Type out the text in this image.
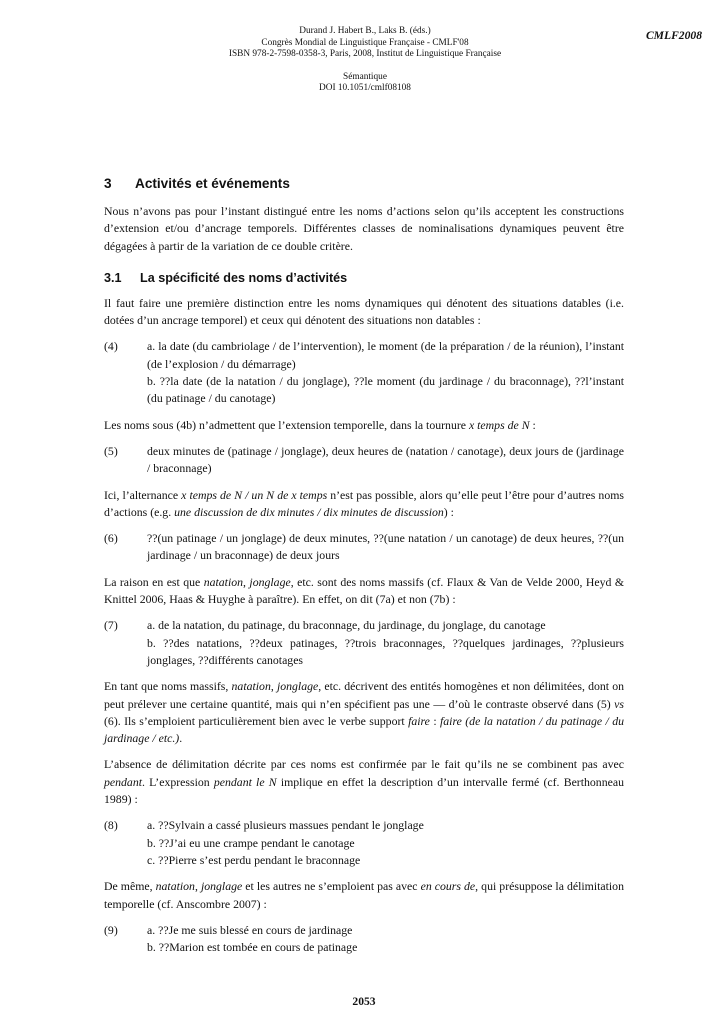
Durand J. Habert B., Laks B. (éds.)
Congrès Mondial de Linguistique Française - CMLF'08
ISBN 978-2-7598-0358-3, Paris, 2008, Institut de Linguistique Française
Sémantique
DOI 10.1051/cmlf08108
CMLF2008
3	Activités et événements

Nous n’avons pas pour l’instant distingué entre les noms d’actions selon qu’ils acceptent les constructions d’extension et/ou d’ancrage temporels. Différentes classes de nominalisations dynamiques peuvent être dégagées à partir de la variation de ce double critère.

3.1	La spécificité des noms d’activités

Il faut faire une première distinction entre les noms dynamiques qui dénotent des situations datables (i.e. dotées d’un ancrage temporel) et ceux qui dénotent des situations non datables :

(4)	a. la date (du cambriolage / de l’intervention), le moment (de la préparation / de la réunion), l’instant (de l’explosion / du démarrage)
b. ??la date (de la natation / du jonglage), ??le moment (du jardinage / du braconnage), ??l’instant (du patinage / du canotage)

Les noms sous (4b) n’admettent que l’extension temporelle, dans la tournure x temps de N :

(5)	deux minutes de (patinage / jonglage), deux heures de (natation / canotage), deux jours de (jardinage / braconnage)

Ici, l’alternance x temps de N / un N de x temps n’est pas possible, alors qu’elle peut l’être pour d’autres noms d’actions (e.g. une discussion de dix minutes / dix minutes de discussion) :

(6)	??(un patinage / un jonglage) de deux minutes, ??(une natation / un canotage) de deux heures, ??(un jardinage / un braconnage) de deux jours

La raison en est que natation, jonglage, etc. sont des noms massifs (cf. Flaux & Van de Velde 2000, Heyd & Knittel 2006, Haas & Huyghe à paraître). En effet, on dit (7a) et non (7b) :

(7)	a. de la natation, du patinage, du braconnage, du jardinage, du jonglage, du canotage
b. ??des natations, ??deux patinages, ??trois braconnages, ??quelques jardinages, ??plusieurs jonglages, ??différents canotages

En tant que noms massifs, natation, jonglage, etc. décrivent des entités homogènes et non délimitées, dont on peut prélever une certaine quantité, mais qui n’en spécifient pas une — d’où le contraste observé dans (5) vs (6). Ils s’emploient particulièrement bien avec le verbe support faire : faire (de la natation / du patinage / du jardinage / etc.).

L’absence de délimitation décrite par ces noms est confirmée par le fait qu’ils ne se combinent pas avec pendant. L’expression pendant le N implique en effet la description d’un intervalle fermé (cf. Berthonneau 1989) :

(8)	a. ??Sylvain a cassé plusieurs massues pendant le jonglage
b. ??J’ai eu une crampe pendant le canotage
c. ??Pierre s’est perdu pendant le braconnage

De même, natation, jonglage et les autres ne s’emploient pas avec en cours de, qui présuppose la délimitation temporelle (cf. Anscombre 2007) :

(9)	a. ??Je me suis blessé en cours de jardinage
b. ??Marion est tombée en cours de patinage
2053
